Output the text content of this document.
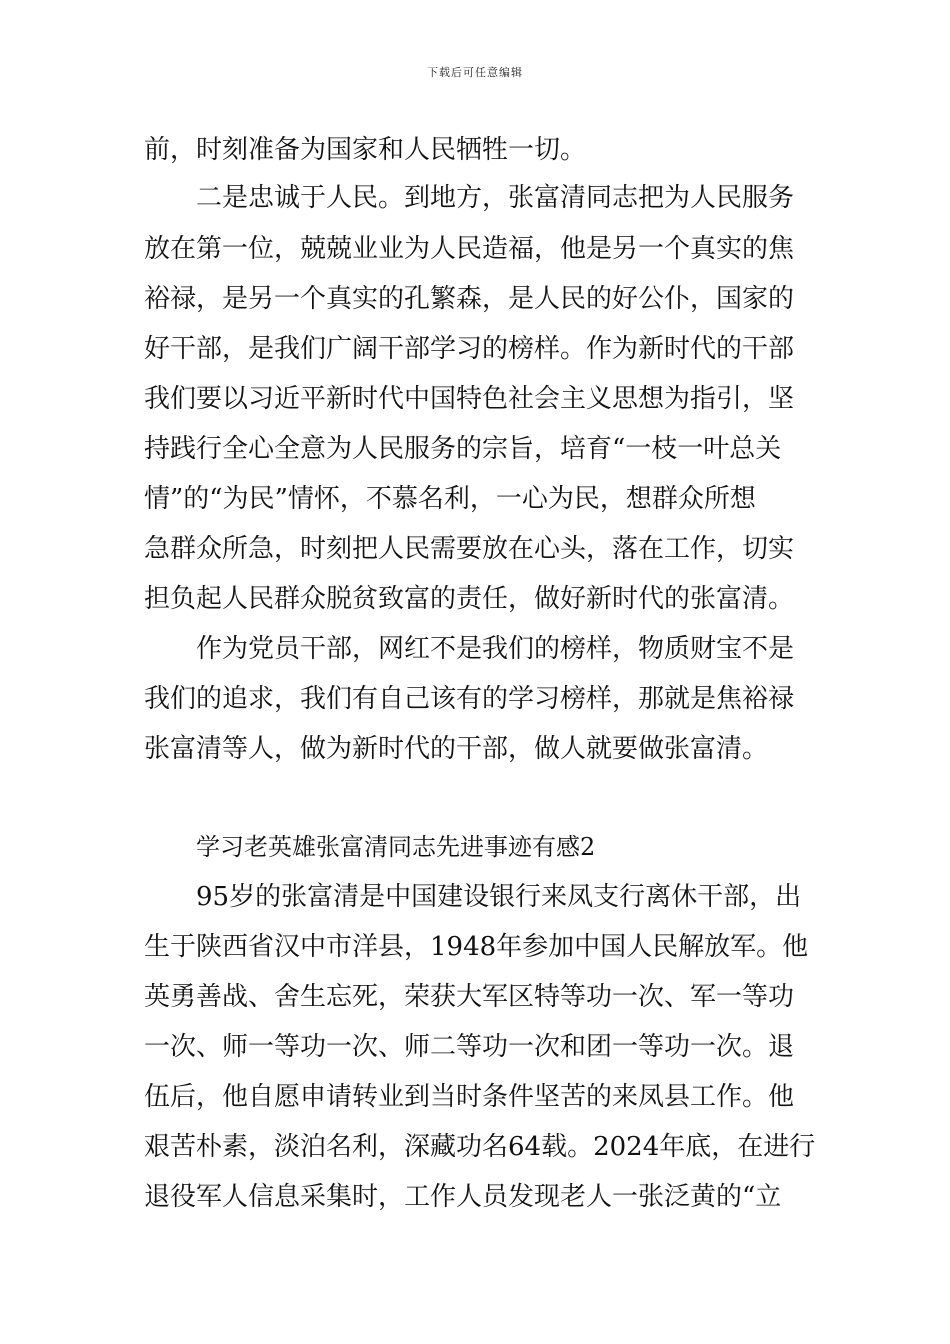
下载后可任意编辑
前，时刻准备为国家和人民牺牲一切。
二是忠诚于人民。到地方，张富清同志把为人民服务
放在第一位，兢兢业业为人民造福，他是另一个真实的焦
裕禄，是另一个真实的孔繁森，是人民的好公仆，国家的
好干部，是我们广阔干部学习的榜样。作为新时代的干部
我们要以习近平新时代中国特色社会主义思想为指引，坚
持践行全心全意为人民服务的宗旨，培育“一枝一叶总关
情”的“为民”情怀，不慕名利，一心为民，想群众所想
急群众所急，时刻把人民需要放在心头，落在工作，切实
担负起人民群众脱贫致富的责任，做好新时代的张富清。
作为党员干部，网红不是我们的榜样，物质财宝不是
我们的追求，我们有自己该有的学习榜样，那就是焦裕禄
张富清等人，做为新时代的干部，做人就要做张富清。
学习老英雄张富清同志先进事迹有感2
95岁的张富清是中国建设银行来凤支行离休干部，出
生于陕西省汉中市洋县，1948年参加中国人民解放军。他
英勇善战、舍生忘死，荣获大军区特等功一次、军一等功
一次、师一等功一次、师二等功一次和团一等功一次。退
伍后，他自愿申请转业到当时条件坚苦的来凤县工作。他
艰苦朴素，淡泊名利，深藏功名64载。2024年底，在进行
退役军人信息采集时，工作人员发现老人一张泛黄的“立
